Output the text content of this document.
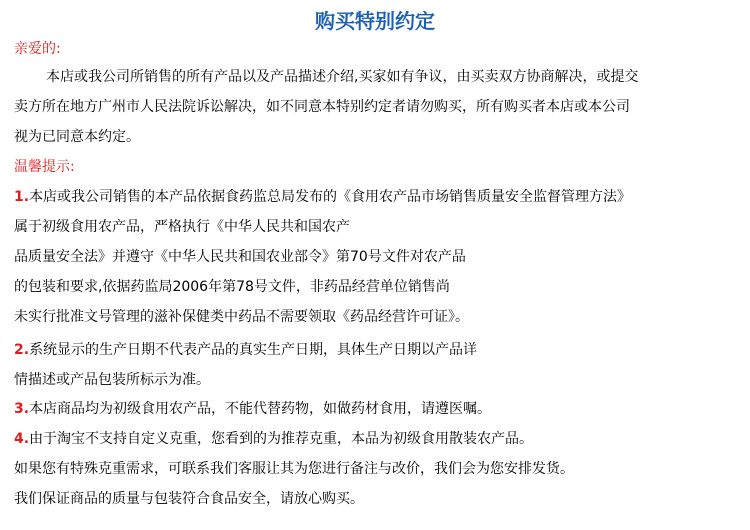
购买特别约定
亲爱的:
本店或我公司所销售的所有产品以及产品描述介绍,买家如有争议，由买卖双方协商解决，或提交
卖方所在地方广州市人民法院诉讼解决，如不同意本特别约定者请勿购买，所有购买者本店或本公司
视为已同意本约定。
温馨提示:
1.本店或我公司销售的本产品依据食药监总局发布的《食用农产品市场销售质量安全监督管理方法》
属于初级食用农产品，严格执行《中华人民共和国农产
品质量安全法》并遵守《中华人民共和国农业部令》第70号文件对农产品
的包装和要求,依据药监局2006年第78号文件，非药品经营单位销售尚
未实行批准文号管理的滋补保健类中药品不需要领取《药品经营许可证》。
2.系统显示的生产日期不代表产品的真实生产日期，具体生产日期以产品详
情描述或产品包装所标示为准。
3.本店商品均为初级食用农产品，不能代替药物，如做药材食用，请遵医嘱。
4.由于淘宝不支持自定义克重，您看到的为推荐克重，本品为初级食用散装农产品。
如果您有特殊克重需求，可联系我们客服让其为您进行备注与改价，我们会为您安排发货。
我们保证商品的质量与包装符合食品安全，请放心购买。
